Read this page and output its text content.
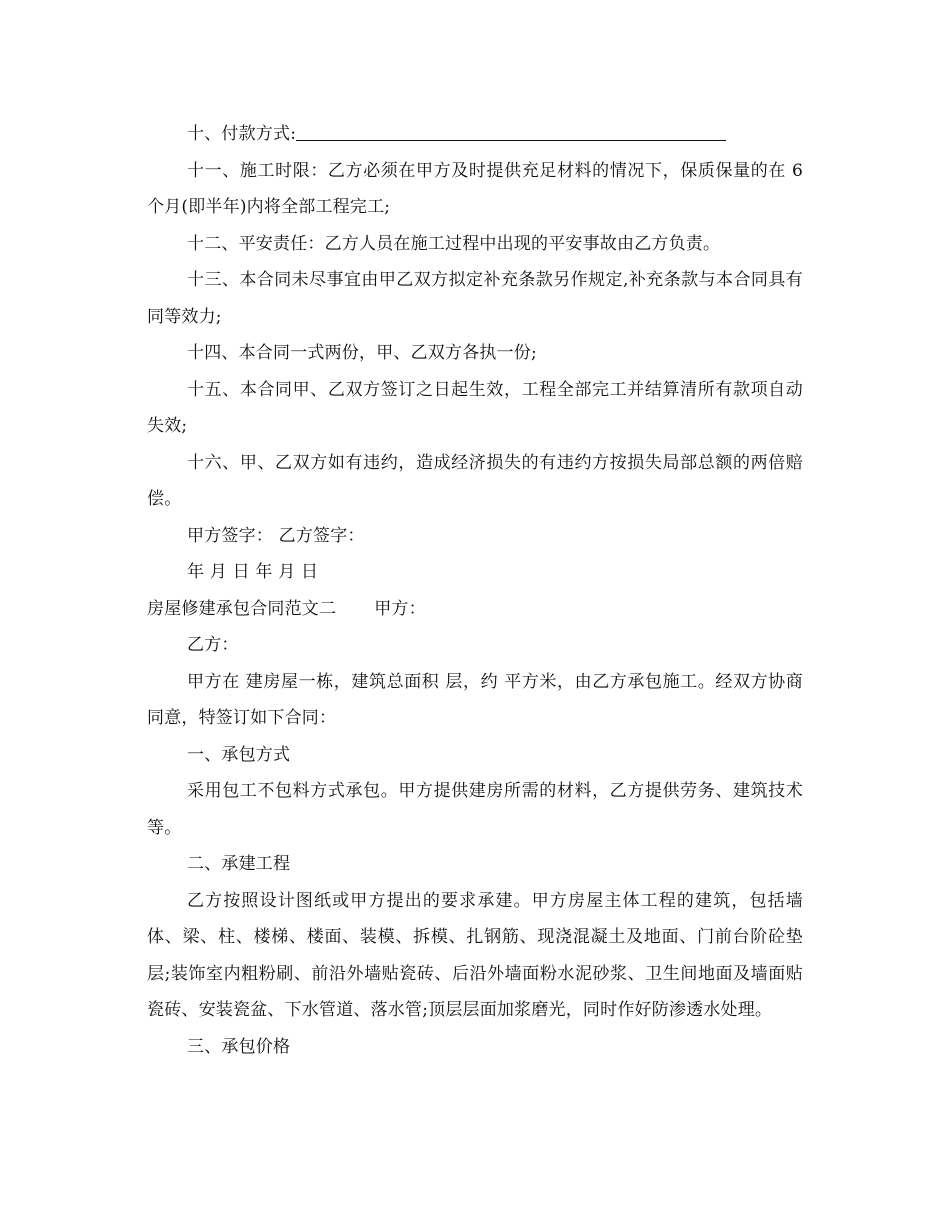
十、付款方式:

十一、施工时限：乙方必须在甲方及时提供充足材料的情况下，保质保量的在 6 个月(即半年)内将全部工程完工;

十二、平安责任：乙方人员在施工过程中出现的平安事故由乙方负责。

十三、本合同未尽事宜由甲乙双方拟定补充条款另作规定,补充条款与本合同具有同等效力;

十四、本合同一式两份，甲、乙双方各执一份;

十五、本合同甲、乙双方签订之日起生效，工程全部完工并结算清所有款项自动失效;

十六、甲、乙双方如有违约，造成经济损失的有违约方按损失局部总额的两倍赔偿。

甲方签字： 乙方签字：

年 月 日 年 月 日

房屋修建承包合同范文二 甲方：

乙方：

甲方在 建房屋一栋，建筑总面积 层，约 平方米，由乙方承包施工。经双方协商同意，特签订如下合同：

一、承包方式

采用包工不包料方式承包。甲方提供建房所需的材料，乙方提供劳务、建筑技术等。

二、承建工程

乙方按照设计图纸或甲方提出的要求承建。甲方房屋主体工程的建筑，包括墙体、梁、柱、楼梯、楼面、装模、拆模、扎钢筋、现浇混凝土及地面、门前台阶砼垫层;装饰室内粗粉刷、前沿外墙贴瓷砖、后沿外墙面粉水泥砂浆、卫生间地面及墙面贴瓷砖、安装瓷盆、下水管道、落水管;顶层层面加浆磨光，同时作好防渗透水处理。

三、承包价格
